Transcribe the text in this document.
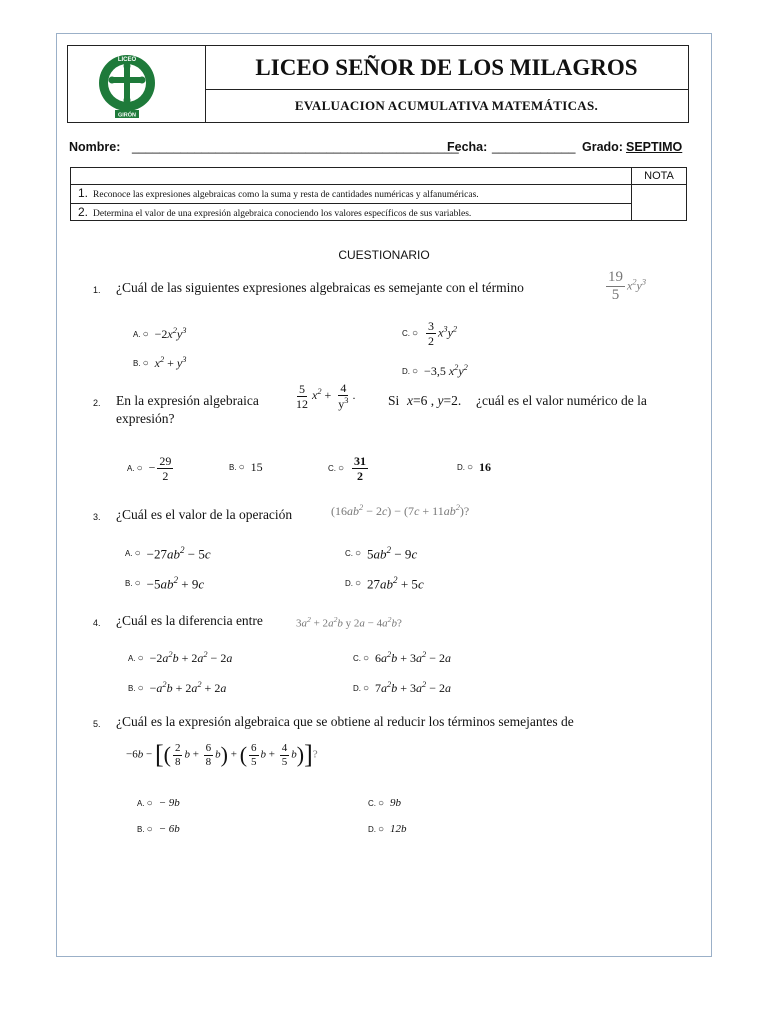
LICEO
GIRÓN
LICEO SEÑOR DE LOS MILAGROS
EVALUACION ACUMULATIVA MATEMÁTICAS.
Nombre: _______________________________________________
Fecha: ____________ Grado: SEPTIMO
NOTA
1. Reconoce las expresiones algebraicas como la suma y resta de cantidades numéricas y alfanuméricas.
2. Determina el valor de una expresión algebraica conociendo los valores específicos de sus variables.
CUESTIONARIO
1. ¿Cuál de las siguientes expresiones algebraicas es semejante con el término	$\frac{19}{5} x^2y^3$
A. ○ $-2x^2y^3$
B. ○ $x^2 + y^3$
C. ○ $\frac{3}{2} x^3y^2$
D. ○ −3,5 $x^2y^2$
2. En la expresión algebraica	$\frac{5}{12} x^2 + \frac{4}{y^3}$ . Si x=6 , y=2. ¿cuál es el valor numérico de la
expresión?
A. ○ − $\frac{29}{2}$	B. ○ 15	C. ○ $\frac{31}{2}$	D. ○ 16
3. ¿Cuál es el valor de la operación	$(16ab^2 - 2c) - (7c + 11ab^2)$?
A. ○ $-27ab^2 - 5c$
B. ○ $-5ab^2 + 9c$
C. ○ $5ab^2 - 9c$
D. ○ $27ab^2 + 5c$
4. ¿Cuál es la diferencia entre	$3a^2 + 2a^2b$ y $2a - 4a^2b$?
A. ○ $-2a^2b + 2a^2 - 2a$
B. ○ $-a^2b + 2a^2 + 2a$
C. ○ $6a^2b + 3a^2 - 2a$
D. ○ $7a^2b + 3a^2 - 2a$
5. ¿Cuál es la expresión algebraica que se obtiene al reducir los términos semejantes de
−6b − [( $\frac{2}{8}$ $b + \frac{6}{8} b$) + ( $\frac{6}{5}$ $b + \frac{4}{5} b$)]?
A. ○ − 9b
B. ○ − 6b
C. ○ 9b
D. ○ 12b
